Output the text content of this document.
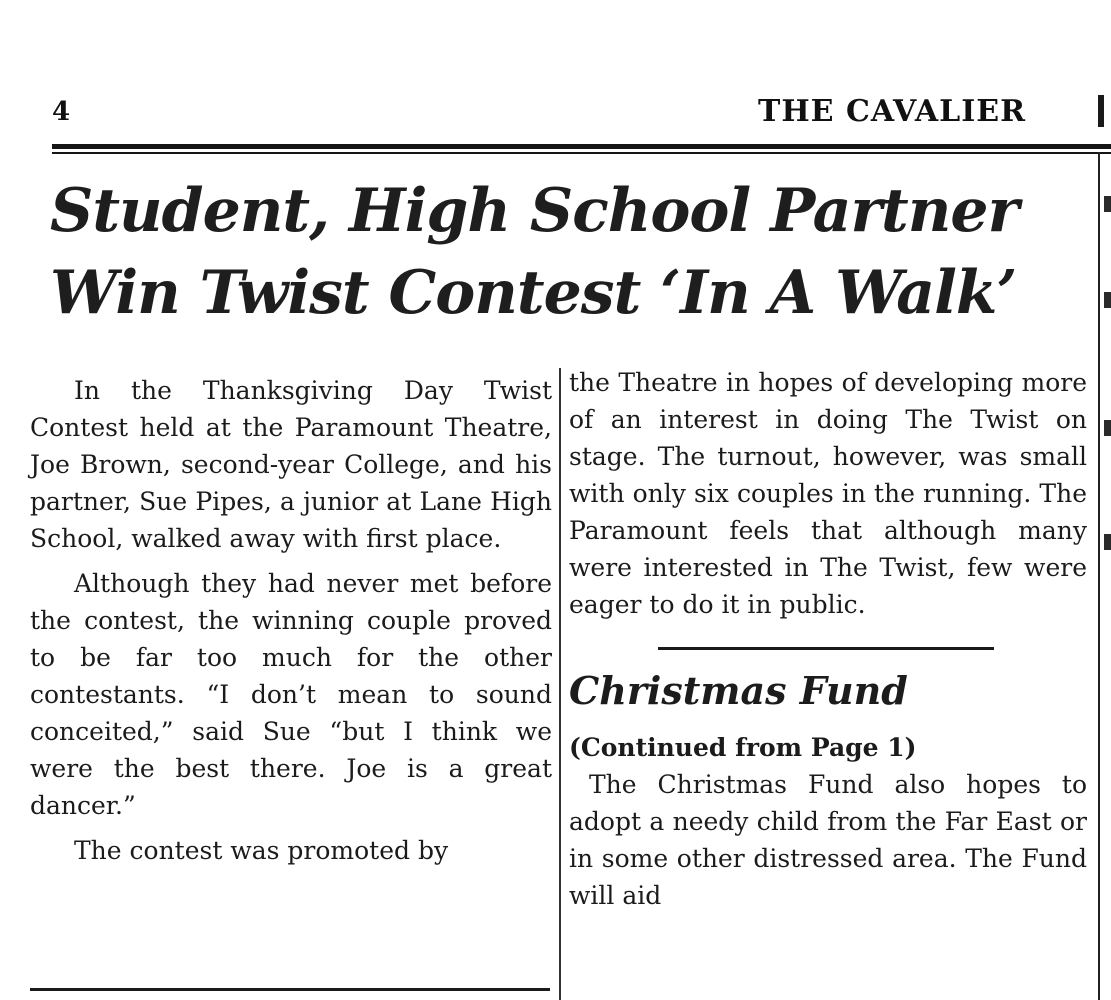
4	THE CAVALIER
Student, High School Partner
Win Twist Contest ‘In A Walk’

In the Thanksgiving Day Twist Contest held at the Paramount Theatre, Joe Brown, second-year College, and his partner, Sue Pipes, a junior at Lane High School, walked away with first place.

Although they had never met before the contest, the winning couple proved to be far too much for the other contestants. “I don’t mean to sound conceited,” said Sue “but I think we were the best there. Joe is a great dancer.”

The contest was promoted by

the Theatre in hopes of developing more of an interest in doing The Twist on stage. The turnout, however, was small with only six couples in the running. The Paramount feels that although many were interested in The Twist, few were eager to do it in public.

Christmas Fund

(Continued from Page 1)

The Christmas Fund also hopes to adopt a needy child from the Far East or in some other distressed area. The Fund will aid
